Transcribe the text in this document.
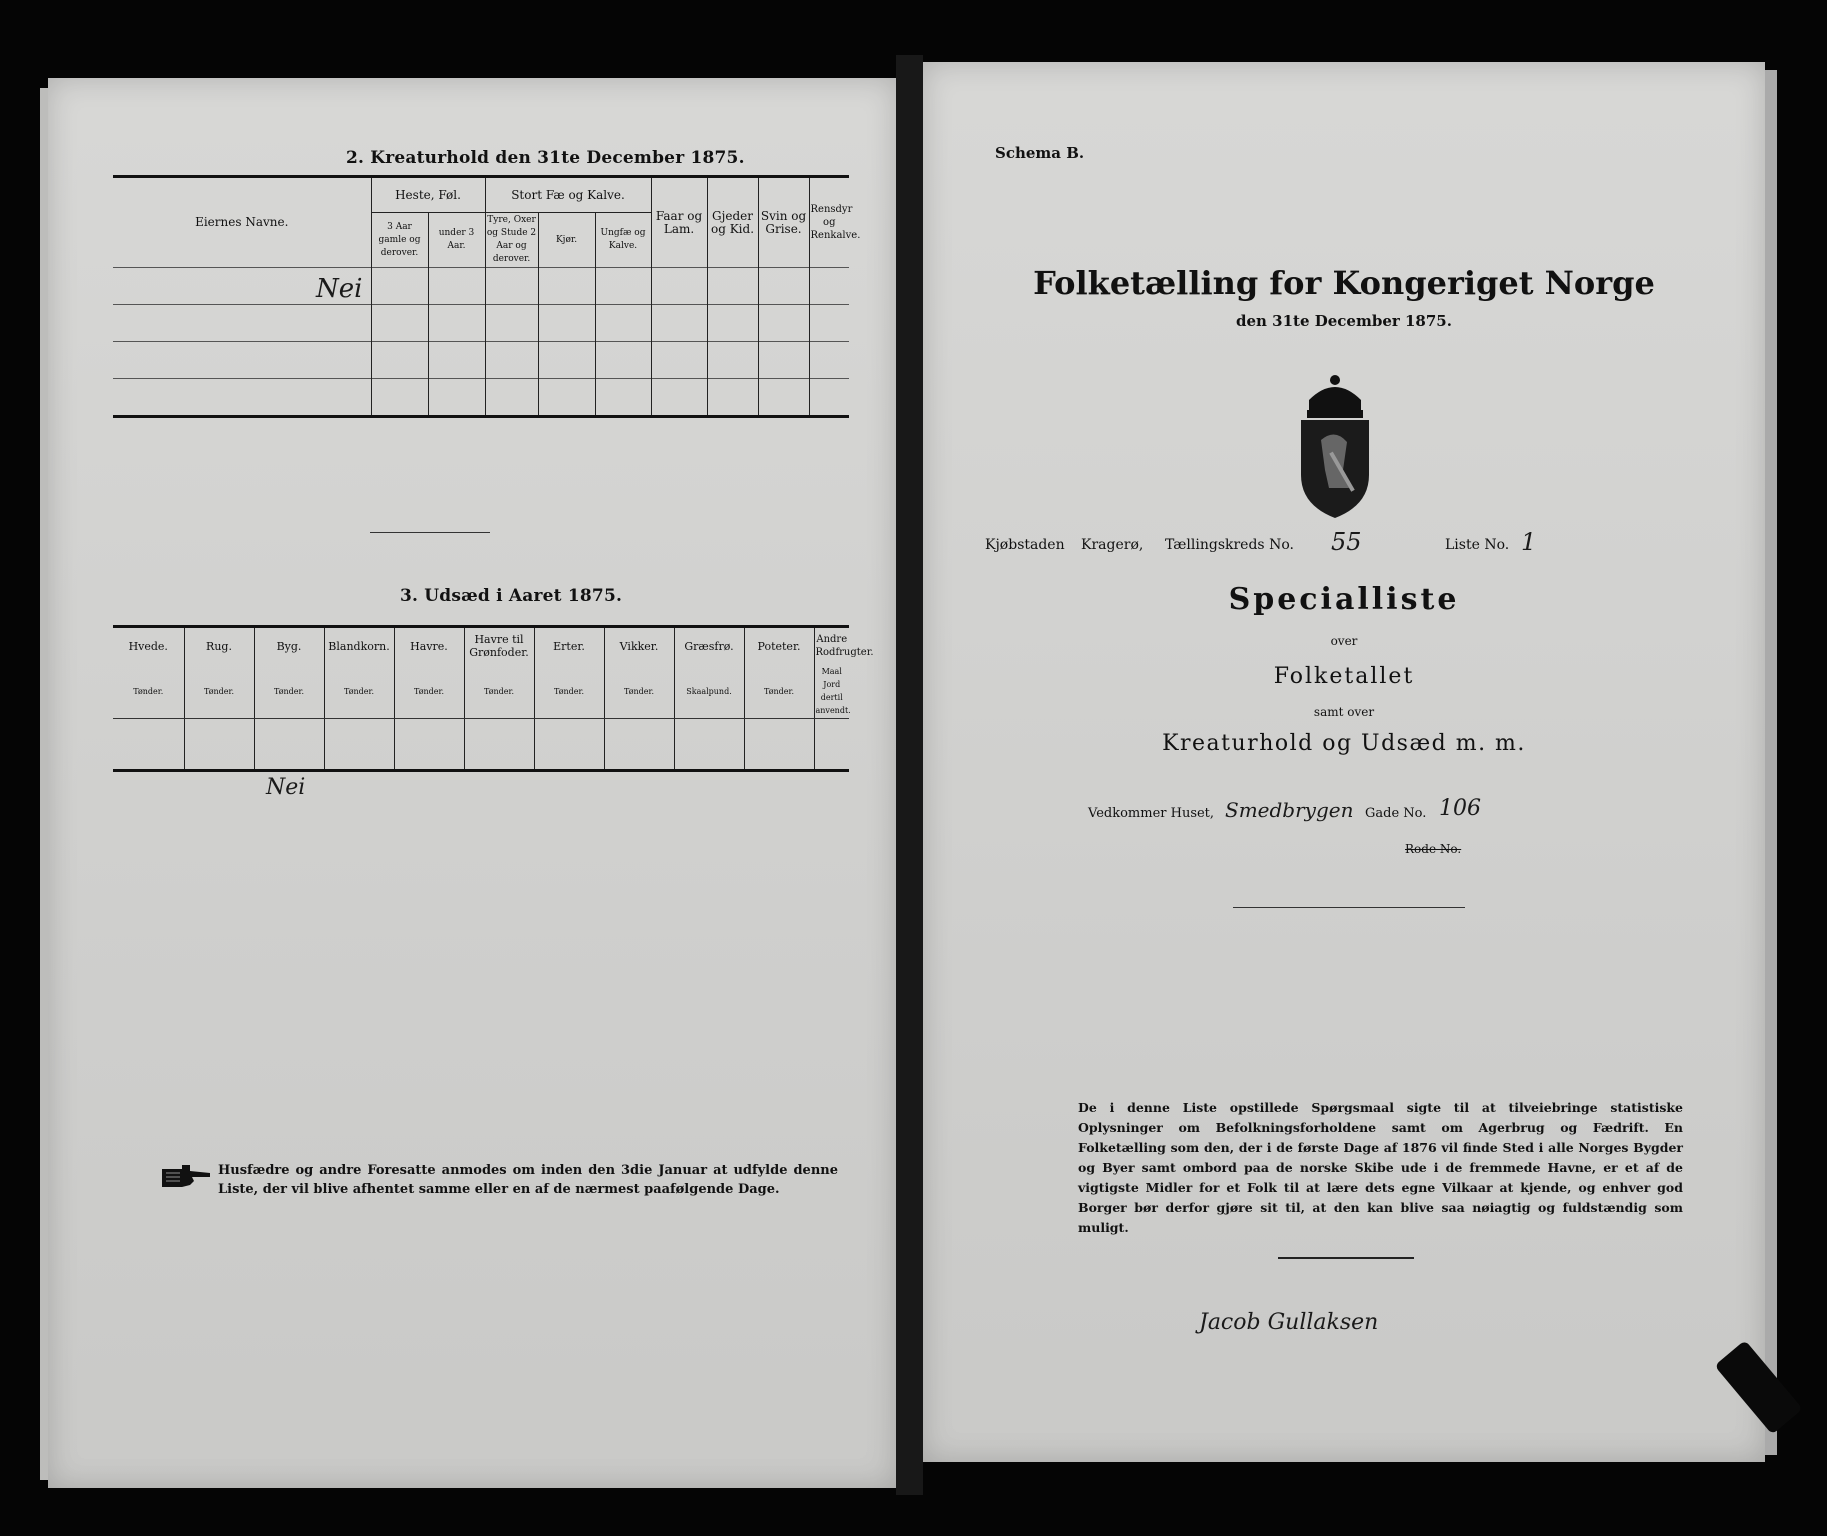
2. Kreaturhold den 31te December 1875.
Eiernes Navne.	Heste, Føl.		Stort Fæ og Kalve.			Faar og Lam.	Gjeder og Kid.	Svin og Grise.	Rensdyr og Renkalve.
	3 Aar gamle og derover.	under 3 Aar.	Tyre, Oxer og Stude 2 Aar og derover.	Kjør.	Ungfæ og Kalve.				

Nei
3. Udsæd i Aaret 1875.
Hvede.	Rug.	Byg.	Blandkorn.	Havre.	Havre til Grønfoder.	Erter.	Vikker.	Græsfrø.	Poteter.	Andre Rodfrugter.
Tønder.	Tønder.	Tønder.	Tønder.	Tønder.	Tønder.	Tønder.	Tønder.	Skaalpund.	Tønder.	Maal Jord dertil anvendt.

Nei
Husfædre og andre Foresatte anmodes om inden den 3die Januar at udfylde denne Liste, der vil blive afhentet samme eller en af de nærmest paafølgende Dage.
Schema B.
Folketælling for Kongeriget Norge
den 31te December 1875.
Kjøbstaden Kragerø, Tællingskreds No. 55	Liste No. 1
Specialliste
over
Folketallet
samt over
Kreaturhold og Udsæd m. m.
Vedkommer Huset, Smedbrygen Gade No. 106
Rode No.
De i denne Liste opstillede Spørgsmaal sigte til at tilveiebringe statistiske Oplysninger om Befolkningsforholdene samt om Agerbrug og Fædrift. En Folketælling som den, der i de første Dage af 1876 vil finde Sted i alle Norges Bygder og Byer samt ombord paa de norske Skibe ude i de fremmede Havne, er et af de vigtigste Midler for et Folk til at lære dets egne Vilkaar at kjende, og enhver god Borger bør derfor gjøre sit til, at den kan blive saa nøiagtig og fuldstændig som muligt.
Jacob Gullaksen
